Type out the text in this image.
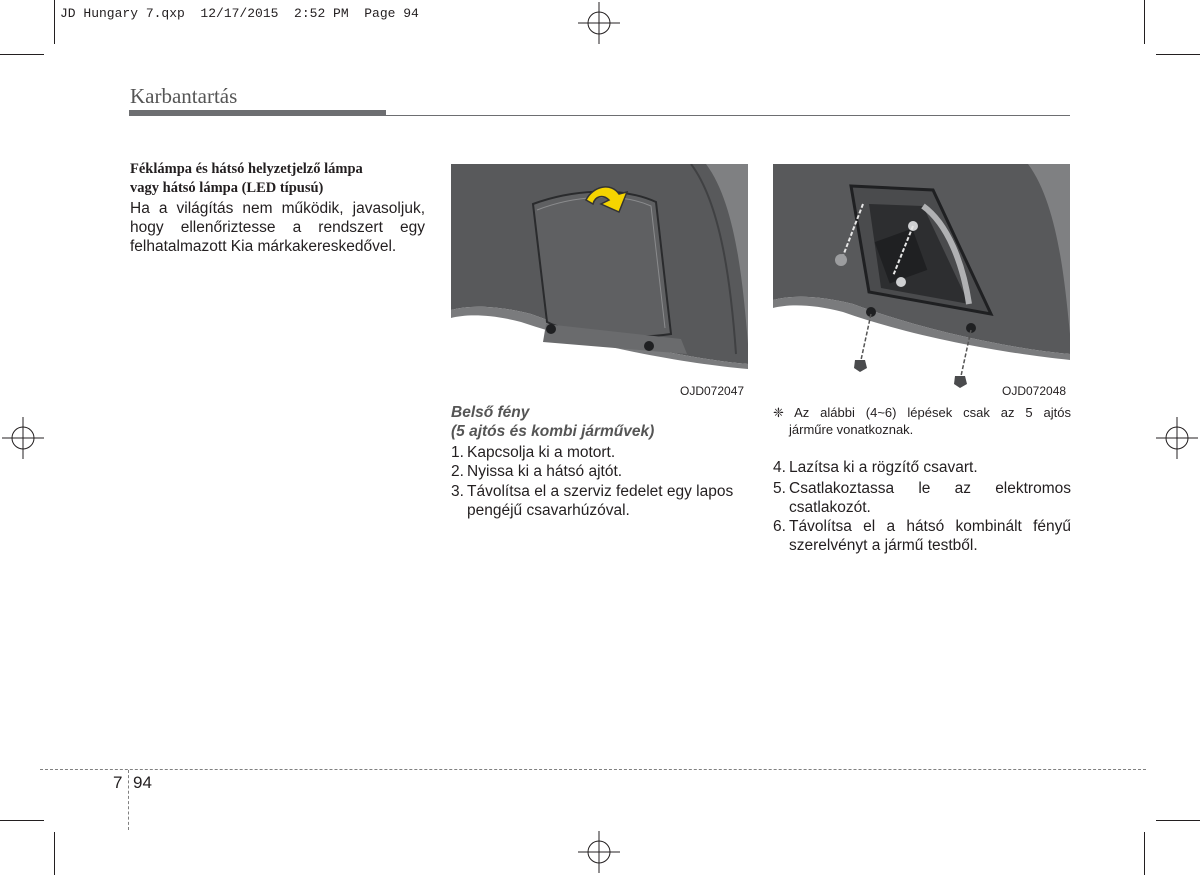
JD Hungary 7.qxp  12/17/2015  2:52 PM  Page 94
Karbantartás
Féklámpa és hátsó helyzetjelző lámpa
vagy hátsó lámpa (LED típusú)
Ha a világítás nem működik, javasoljuk,
hogy ellenőriztesse a rendszert egy
felhatalmazott Kia márkakereskedővel.
OJD072047	OJD072048
Belső fény
(5 ajtós és kombi járművek)
1. Kapcsolja ki a motort.
2. Nyissa ki a hátsó ajtót.
3. Távolítsa el a szerviz fedelet egy lapos
pengéjű csavarhúzóval.
❈ Az alábbi (4~6) lépések csak az 5 ajtós
járműre vonatkoznak.
4. Lazítsa ki a rögzítő csavart.
5. Csatlakoztassa le az elektromos
csatlakozót.
6. Távolítsa el a hátsó kombinált fényű
szerelvényt a jármű testből.
7 94
